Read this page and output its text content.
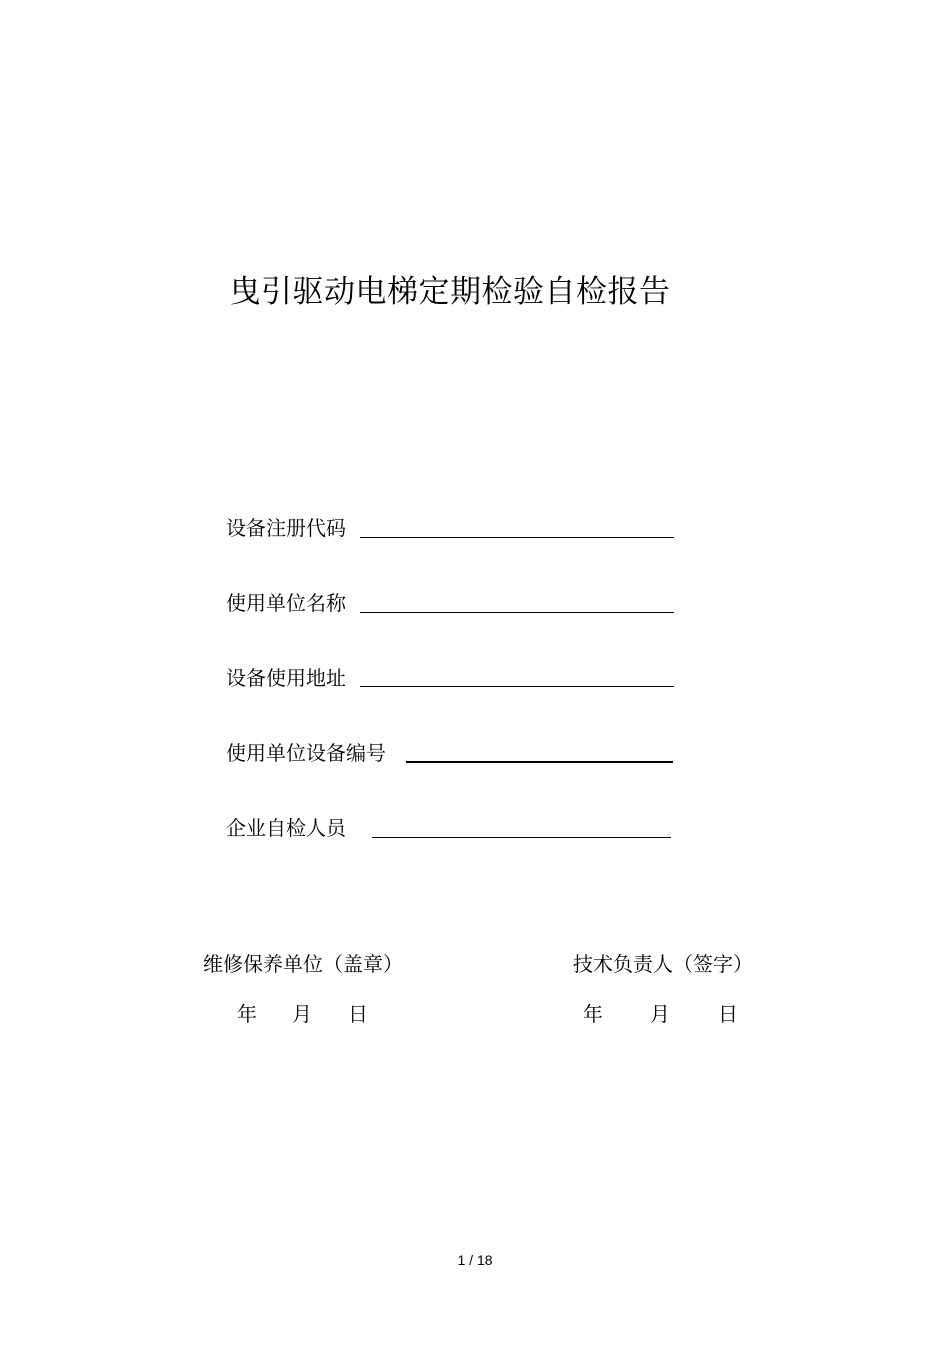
曳引驱动电梯定期检验自检报告
设备注册代码
使用单位名称
设备使用地址
使用单位设备编号
企业自检人员
维修保养单位（盖章）
年 月 日
技术负责人（签字）
年 月 日
1 / 18
